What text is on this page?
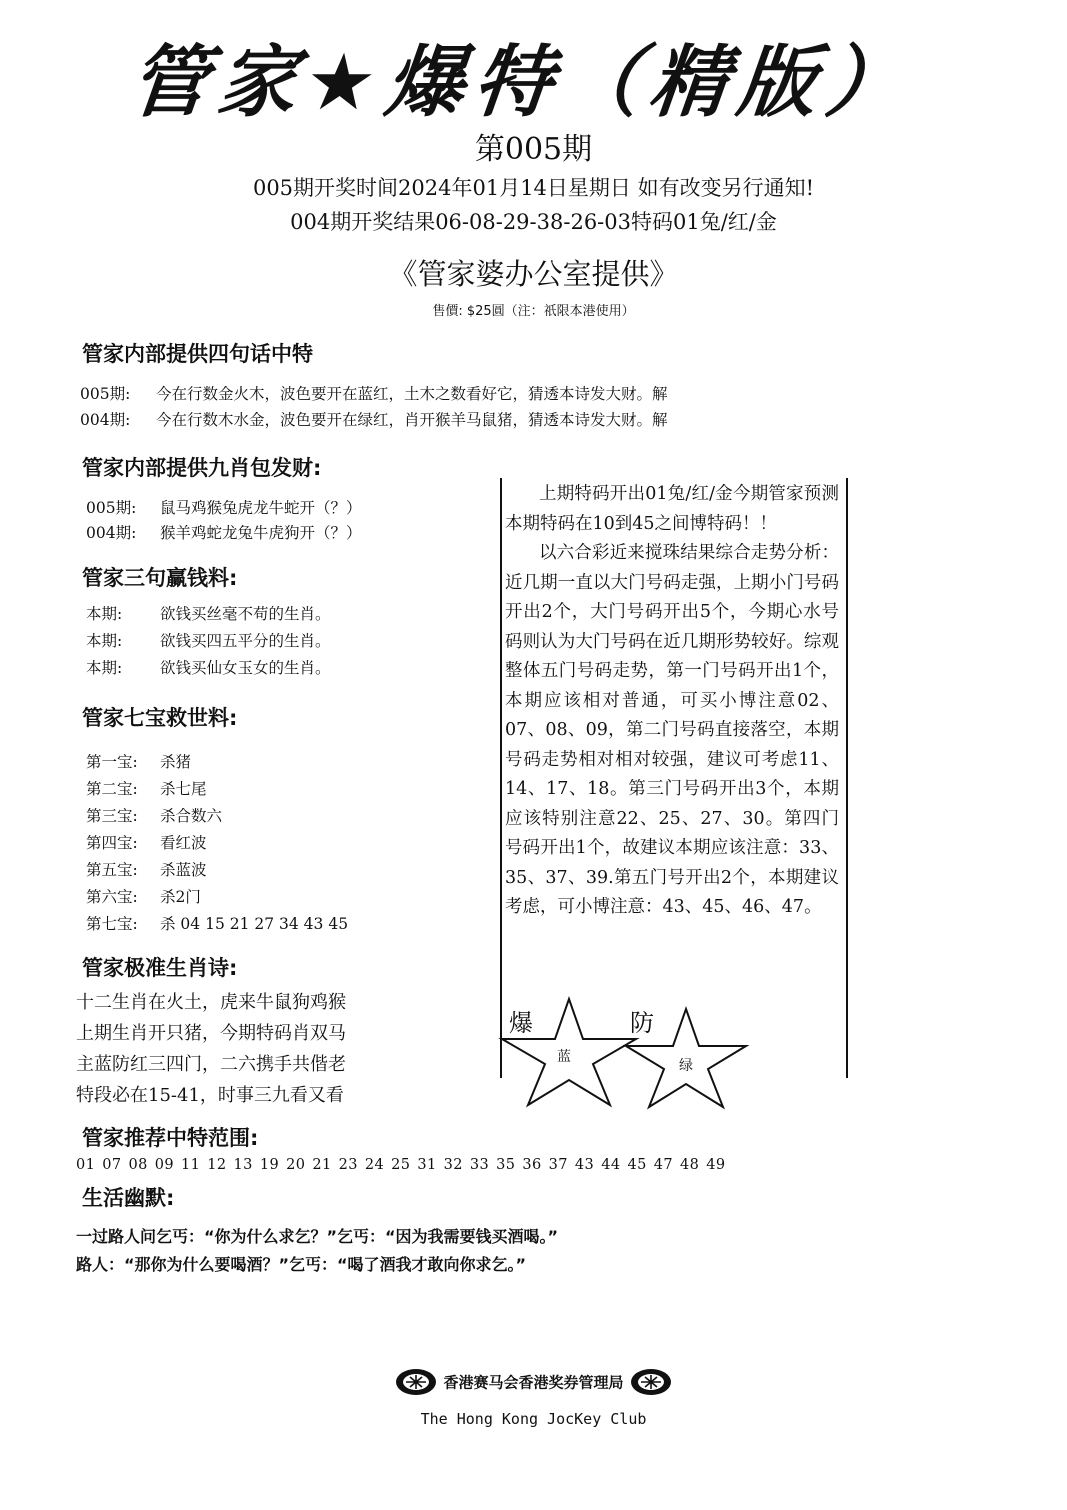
管家★爆特（精版）
第005期
005期开奖时间2024年01月14日星期日 如有改变另行通知!
004期开奖结果06-08-29-38-26-03特码01兔/红/金
《管家婆办公室提供》
售價: $25圓（注：祇限本港使用）
管家内部提供四句话中特
005期: 今在行数金火木，波色要开在蓝红，土木之数看好它，猜透本诗发大财。解
004期: 今在行数木水金，波色要开在绿红，肖开猴羊马鼠猪，猜透本诗发大财。解
管家内部提供九肖包发财:
005期: 鼠马鸡猴兔虎龙牛蛇开（？）
004期: 猴羊鸡蛇龙兔牛虎狗开（？）
管家三句赢钱料:
本期: 欲钱买丝毫不苟的生肖。
本期: 欲钱买四五平分的生肖。
本期: 欲钱买仙女玉女的生肖。
管家七宝救世料:
第一宝: 杀猪
第二宝: 杀七尾
第三宝: 杀合数六
第四宝: 看红波
第五宝: 杀蓝波
第六宝: 杀2门
第七宝: 杀 04 15 21 27 34 43 45
管家极准生肖诗:
十二生肖在火土，虎来牛鼠狗鸡猴
上期生肖开只猪，今期特码肖双马
主蓝防红三四门，二六携手共偕老
特段必在15-41，时事三九看又看

上期特码开出01兔/红/金今期管家预测本期特码在10到45之间博特码！！

以六合彩近来搅珠结果综合走势分析：近几期一直以大门号码走强，上期小门号码开出2个，大门号码开出5个，今期心水号码则认为大门号码在近几期形势较好。综观整体五门号码走势，第一门号码开出1个，本期应该相对普通，可买小博注意02、07、08、09，第二门号码直接落空，本期号码走势相对相对较强，建议可考虑11、14、17、18。第三门号码开出3个，本期应该特别注意22、25、27、30。第四门号码开出1个，故建议本期应该注意：33、35、37、39.第五门号开出2个，本期建议考虑，可小博注意：43、45、46、47。

爆	防
蓝
绿
管家推荐中特范围:
01 07 08 09 11 12 13 19 20 21 23 24 25 31 32 33 35 36 37 43 44 45 47 48 49
生活幽默:
一过路人问乞丐：“你为什么求乞？”乞丐：“因为我需要钱买酒喝。”
路人：“那你为什么要喝酒？”乞丐：“喝了酒我才敢向你求乞。”
香港赛马会香港奖券管理局
The Hong Kong JocKey Club
